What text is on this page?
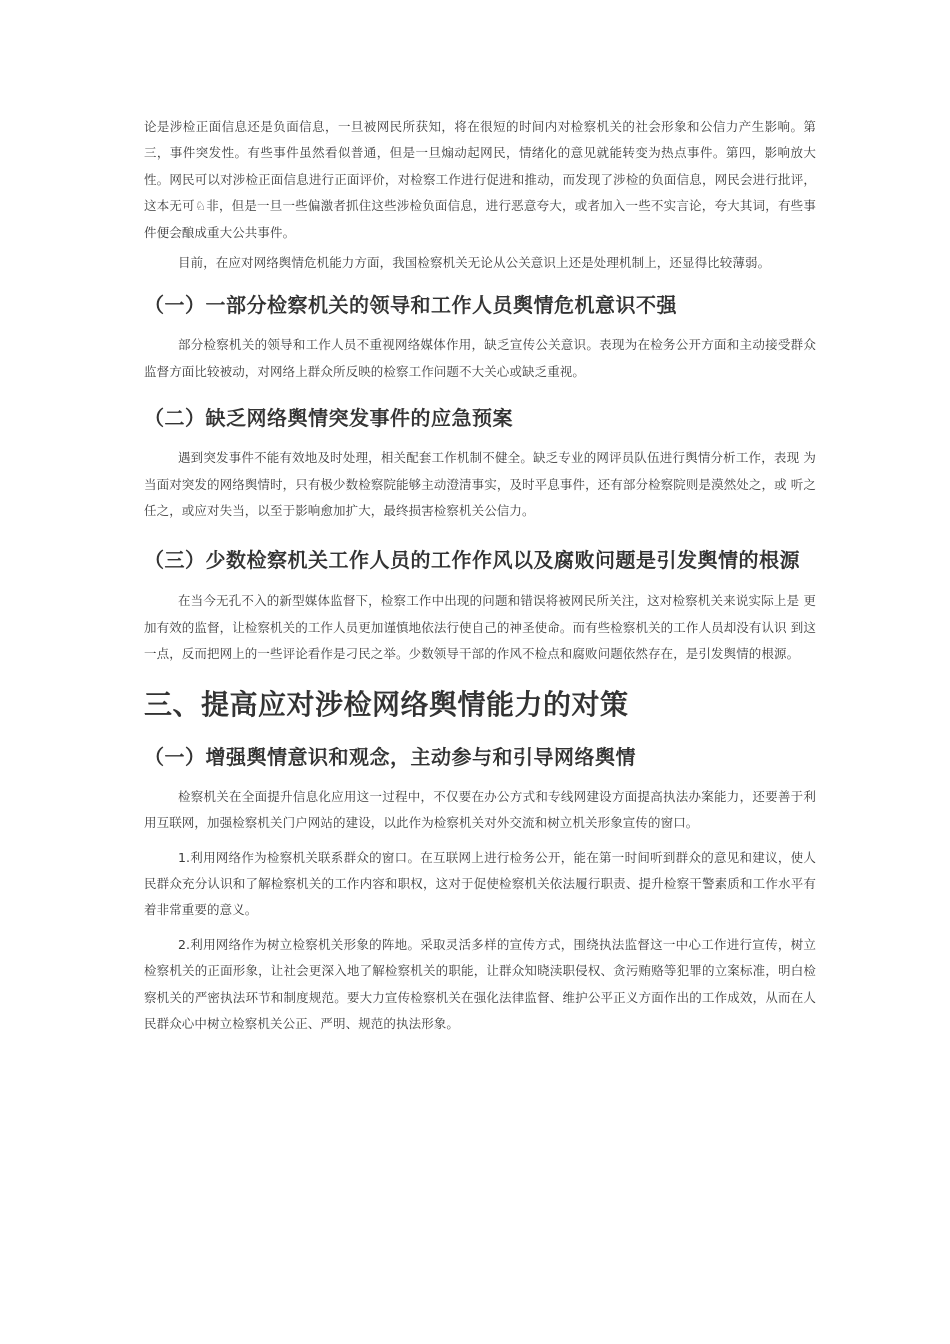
论是涉检正面信息还是负面信息，一旦被网民所获知，将在很短的时间内对检察机关的社会形象和公信力产生影响。第三，事件突发性。有些事件虽然看似普通，但是一旦煽动起网民，情绪化的意见就能转变为热点事件。第四，影响放大性。网民可以对涉检正面信息进行正面评价，对检察工作进行促进和推动，而发现了涉检的负面信息，网民会进行批评， 这本无可♘非，但是一旦一些偏激者抓住这些涉检负面信息，进行恶意夸大，或者加入一些不实言论，夸大其词，有些事件便会酿成重大公共事件。

目前，在应对网络舆情危机能力方面，我国检察机关无论从公关意识上还是处理机制上，还显得比较薄弱。

（一）一部分检察机关的领导和工作人员舆情危机意识不强

部分检察机关的领导和工作人员不重视网络媒体作用，缺乏宣传公关意识。表现为在检务公开方面和主动接受群众监督方面比较被动，对网络上群众所反映的检察工作问题不大关心或缺乏重视。

（二）缺乏网络舆情突发事件的应急预案

遇到突发事件不能有效地及时处理，相关配套工作机制不健全。缺乏专业的网评员队伍进行舆情分析工作，表现 为当面对突发的网络舆情时，只有极少数检察院能够主动澄清事实，及时平息事件，还有部分检察院则是漠然处之，或 听之任之，或应对失当，以至于影响愈加扩大，最终损害检察机关公信力。

（三）少数检察机关工作人员的工作作风以及腐败问题是引发舆情的根源

在当今无孔不入的新型媒体监督下，检察工作中出现的问题和错误将被网民所关注，这对检察机关来说实际上是 更加有效的监督，让检察机关的工作人员更加谨慎地依法行使自己的神圣使命。而有些检察机关的工作人员却没有认识 到这一点，反而把网上的一些评论看作是刁民之举。少数领导干部的作风不检点和腐败问题依然存在，是引发舆情的根源。

三、提高应对涉检网络舆情能力的对策
（一）增强舆情意识和观念，主动参与和引导网络舆情

检察机关在全面提升信息化应用这一过程中，不仅要在办公方式和专线网建设方面提高执法办案能力，还要善于利用互联网，加强检察机关门户网站的建设，以此作为检察机关对外交流和树立机关形象宣传的窗口。

1.利用网络作为检察机关联系群众的窗口。在互联网上进行检务公开，能在第一时间听到群众的意见和建议，使人民群众充分认识和了解检察机关的工作内容和职权，这对于促使检察机关依法履行职责、提升检察干警素质和工作水平有着非常重要的意义。

2.利用网络作为树立检察机关形象的阵地。采取灵活多样的宣传方式，围绕执法监督这一中心工作进行宣传，树立检察机关的正面形象，让社会更深入地了解检察机关的职能，让群众知晓渎职侵权、贪污贿赂等犯罪的立案标准，明白检察机关的严密执法环节和制度规范。要大力宣传检察机关在强化法律监督、维护公平正义方面作出的工作成效，从而在人民群众心中树立检察机关公正、严明、规范的执法形象。
